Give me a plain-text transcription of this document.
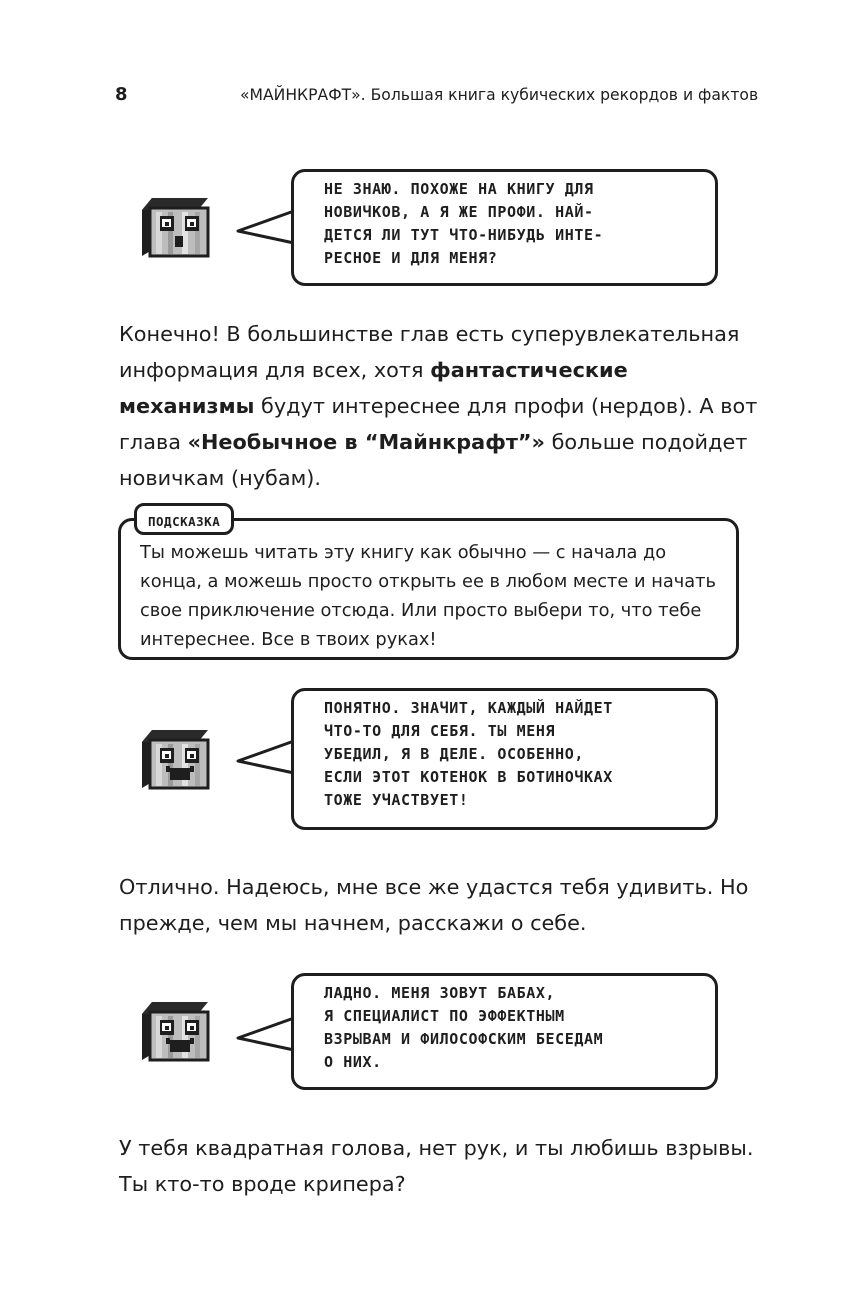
8	«МАЙНКРАФТ». Большая книга кубических рекордов и фактов
НЕ ЗНАЮ. ПОХОЖЕ НА КНИГУ ДЛЯ
НОВИЧКОВ, А Я ЖЕ ПРОФИ. НАЙ-
ДЕТСЯ ЛИ ТУТ ЧТО-НИБУДЬ ИНТЕ-
РЕСНОЕ И ДЛЯ МЕНЯ?

Конечно! В большинстве глав есть суперувлекательная информация для всех, хотя фантастические механизмы будут интереснее для профи (нердов). А вот глава «Необычное в “Майнкрафт”» больше подойдет новичкам (нубам).

ПОДСКАЗКА

Ты можешь читать эту книгу как обычно — с начала до конца, а можешь просто открыть ее в любом месте и начать свое приключение отсюда. Или просто выбери то, что тебе интереснее. Все в твоих руках!

ПОНЯТНО. ЗНАЧИТ, КАЖДЫЙ НАЙДЕТ
ЧТО-ТО ДЛЯ СЕБЯ. ТЫ МЕНЯ
УБЕДИЛ, Я В ДЕЛЕ. ОСОБЕННО,
ЕСЛИ ЭТОТ КОТЕНОК В БОТИНОЧКАХ
ТОЖЕ УЧАСТВУЕТ!

Отлично. Надеюсь, мне все же удастся тебя удивить. Но прежде, чем мы начнем, расскажи о себе.

ЛАДНО. МЕНЯ ЗОВУТ БАБАХ,
Я СПЕЦИАЛИСТ ПО ЭФФЕКТНЫМ
ВЗРЫВАМ И ФИЛОСОФСКИМ БЕСЕДАМ
О НИХ.

У тебя квадратная голова, нет рук, и ты любишь взрывы. Ты кто-то вроде крипера?
